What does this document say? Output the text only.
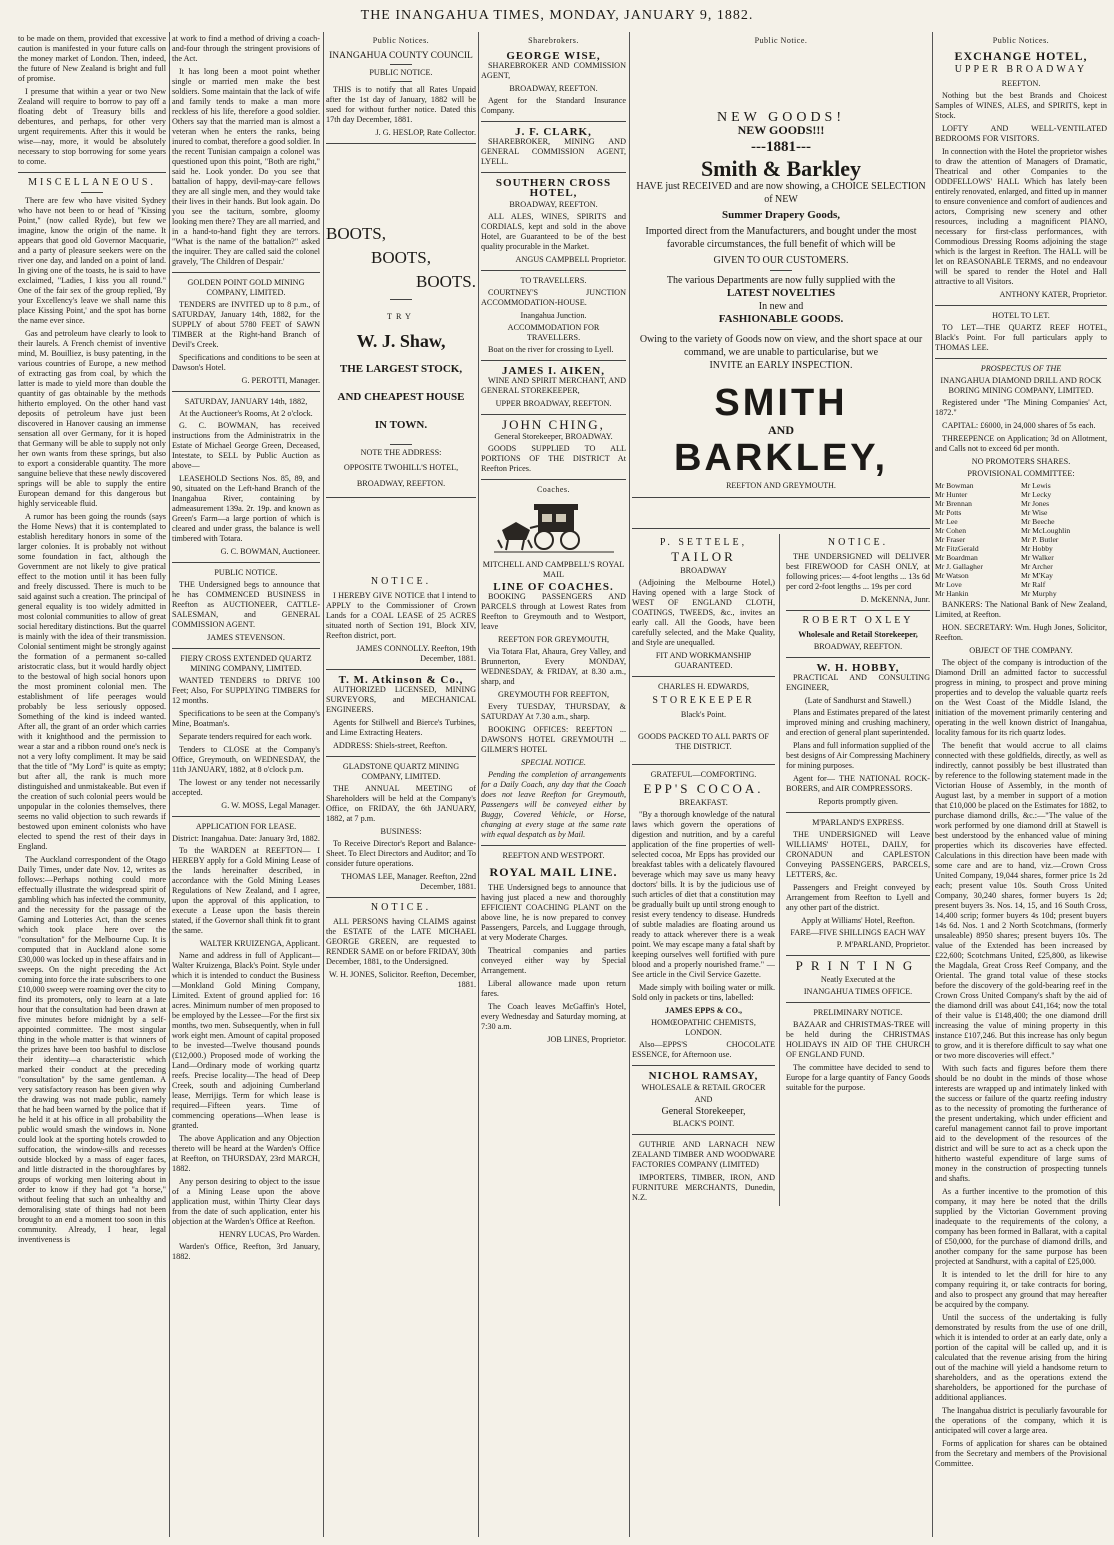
THE INANGAHUA TIMES, MONDAY, JANUARY 9, 1882.

to be made on them, provided that excessive caution is manifested in your future calls on the money market of London. Then, indeed, the future of New Zealand is bright and full of promise.

I presume that within a year or two New Zealand will require to borrow to pay off a floating debt of Treasury bills and debentures, and perhaps, for other very urgent requirements. After this it would be wise—nay, more, it would be absolutely necessary to stop borrowing for some years to come.

MISCELLANEOUS.

There are few who have visited Sydney who have not been to or head of "Kissing Point," (now called Ryde), but few we imagine, know the origin of the name. It appears that good old Governor Macquarie, and a party of pleasure seekers were on the river one day, and landed on a point of land. In giving one of the toasts, he is said to have exclaimed, "Ladies, I kiss you all round." One of the fair sex of the group replied, 'By your Excellency's leave we shall name this place Kissing Point,' and the spot has borne the name ever since.

Gas and petroleum have clearly to look to their laurels. A French chemist of inventive mind, M. Bouilliez, is busy patenting, in the various countries of Europe, a new method of extracting gas from coal, by which the latter is made to yield more than double the quantity of gas obtainable by the methods hitherto employed. On the other hand vast deposits of petroleum have just been discovered in Hanover causing an immense sensation all over Germany, for it is hoped that Germany will be able to supply not only her own wants from these springs, but also to export a considerable quantity. The more sanguine believe that these newly discovered springs will be able to supply the entire European demand for this dangerous but highly serviceable fluid.

A rumor has been going the rounds (says the Home News) that it is contemplated to establish hereditary honors in some of the larger colonies. It is probably not without some foundation in fact, although the Government are not likely to give pratical effect to the motion until it has been fully and freely discussed. There is much to be said against such a creation. The principal of general equality is too widely admitted in most colonial communities to allow of great social hereditary distinctions. But the quarrel is mainly with the idea of their transmission. Colonial sentiment might be strongly against the formation of a permanent so-called aristocratic class, but it would hardly object to the bestowal of high social honors upon the most prominent colonial men. The establishment of life peerages would probably be less seriously opposed. Something of the kind is indeed wanted. After all, the grant of an order which carries with it knighthood and the permission to wear a star and a ribbon round one's neck is not a very lofty compliment. It may be said that the title of "My Lord" is quite as empty; but after all, the rank is much more distinguished and unmistakeable. But even if the creation of such colonial peers would be unpopular in the colonies themselves, there seems no valid objection to such rewards if bestowed upon eminent colonists who have elected to spend the rest of their days in England.

The Auckland correspondent of the Otago Daily Times, under date Nov. 12, writes as follows:—Perhaps nothing could more effectually illustrate the widespread spirit of gambling which has infected the community, and the necessity for the passage of the Gaming and Lotteries Act, than the scenes which took place here over the "consultation" for the Melbourne Cup. It is computed that in Auckland alone some £30,000 was locked up in these affairs and in sweeps. On the night preceding the Act coming into force the irate subscribers to one £10,000 sweep were roaming over the city to find its promoters, only to learn at a late hour that the consultation had been drawn at five minutes before midnight by a self-appointed committee. The most singular thing in the whole matter is that winners of the prizes have been too bashful to disclose their identity—a characteristic which marked their conduct at the preceding "consultation" by the same gentleman. A very satisfactory reason has been given why the drawing was not made public, namely that he had been warned by the police that if he held it at his office in all probability the public would smash the windows in. None could look at the sporting hotels crowded to suffocation, the window-sills and recesses outside blocked by a mass of eager faces, and little distracted in the thoroughfares by groups of working men loitering about in order to know if they had got "a horse," without feeling that such an unhealthy and demoralising state of things had not been brought to an end a moment too soon in this community. Already, I hear, legal inventiveness is

at work to find a method of driving a coach-and-four through the stringent provisions of the Act.

It has long been a moot point whether single or married men make the best soldiers. Some maintain that the lack of wife and family tends to make a man more reckless of his life, therefore a good soldier. Others say that the married man is almost a veteran when he enters the ranks, being inured to combat, therefore a good soldier. In the recent Tunisian campaign a colonel was questioned upon this point, "Both are right," said he. Look yonder. Do you see that battalion of happy, devil-may-care fellows they are all single men, and they would take their lives in their hands. But look again. Do you see the taciturn, sombre, gloomy looking men there? They are all married, and in a hand-to-hand fight they are terrors. "What is the name of the battalion?" asked the inquirer. They are called said the colonel gravely, 'The Children of Despair.'

GOLDEN POINT GOLD MINING COMPANY, LIMITED.

TENDERS are INVITED up to 8 p.m., of SATURDAY, January 14th, 1882, for the SUPPLY of about 5780 FEET of SAWN TIMBER at the Right-hand Branch of Devil's Creek.

Specifications and conditions to be seen at Dawson's Hotel.

G. PEROTTI, Manager.
SATURDAY, JANUARY 14th, 1882,
At the Auctioneer's Rooms, At 2 o'clock.

G. C. BOWMAN, has received instructions from the Administratrix in the Estate of Michael George Green, Deceased, Intestate, to SELL by Public Auction as above—

LEASEHOLD Sections Nos. 85, 89, and 90, situated on the Left-hand Branch of the Inangahua River, containing by admeasurement 139a. 2r. 19p. and known as Green's Farm—a large portion of which is cleared and under grass, the balance is well timbered with Totara.

G. C. BOWMAN, Auctioneer.
PUBLIC NOTICE.

THE Undersigned begs to announce that he has COMMENCED BUSINESS in Reefton as AUCTIONEER, CATTLE-SALESMAN, and GENERAL COMMISSION AGENT.

JAMES STEVENSON.
FIERY CROSS EXTENDED QUARTZ MINING COMPANY, LIMITED.

WANTED TENDERS to DRIVE 100 Feet; Also, For SUPPLYING TIMBERS for 12 months.

Specifications to be seen at the Company's Mine, Boatman's.

Separate tenders required for each work.

Tenders to CLOSE at the Company's Office, Greymouth, on WEDNESDAY, the 11th JANUARY, 1882, at 8 o'clock p.m.

The lowest or any tender not necessarily accepted.

G. W. MOSS, Legal Manager.
APPLICATION FOR LEASE.
District: Inangahua. Date: January 3rd, 1882.

To the WARDEN at REEFTON— I HEREBY apply for a Gold Mining Lease of the lands hereinafter described, in accordance with the Gold Mining Leases Regulations of New Zealand, and I agree, upon the approval of this application, to execute a Lease upon the basis therein stated, if the Governor shall think fit to grant the same.

WALTER KRUIZENGA, Applicant.

Name and address in full of Applicant—Walter Kruizenga, Black's Point. Style under which it is intended to conduct the Business—Monkland Gold Mining Company, Limited. Extent of ground applied for: 16 acres. Minimum number of men proposed to be employed by the Lessee—For the first six months, two men. Subsequently, when in full work eight men. Amount of capital proposed to be invested—Twelve thousand pounds (£12,000.) Proposed mode of working the Land—Ordinary mode of working quartz reefs. Precise locality—The head of Deep Creek, south and adjoining Cumberland lease, Merrijigs. Term for which lease is required—Fifteen years. Time of commencing operations—When lease is granted.

The above Application and any Objection thereto will be heard at the Warden's Office at Reefton, on THURSDAY, 23rd MARCH, 1882.

Any person desiring to object to the issue of a Mining Lease upon the above application must, within Thirty Clear days from the date of such application, enter his objection at the Warden's Office at Reefton.

HENRY LUCAS, Pro Warden.

Warden's Office, Reefton, 3rd January, 1882.

Public Notices.
INANGAHUA COUNTY COUNCIL
PUBLIC NOTICE.

THIS is to notify that all Rates Unpaid after the 1st day of January, 1882 will be sued for without further notice. Dated this 17th day December, 1881.

J. G. HESLOP, Rate Collector.
BOOTS,
BOOTS,
BOOTS.
TRY
W. J. Shaw,
THE LARGEST STOCK,
AND CHEAPEST HOUSE
IN TOWN.
NOTE THE ADDRESS:
OPPOSITE TWOHILL'S HOTEL, BROADWAY, REEFTON.
NOTICE.

I HEREBY GIVE NOTICE that I intend to APPLY to the Commissioner of Crown Lands for a COAL LEASE of 25 ACRES situated north of Section 191, Block XIV, Reefton district, port.

JAMES CONNOLLY. Reefton, 19th December, 1881.
T. M. Atkinson & Co.,

AUTHORIZED LICENSED, MINING SURVEYORS, and MECHANICAL ENGINEERS.

Agents for Stillwell and Bierce's Turbines, and Lime Extracting Heaters.

ADDRESS: Shiels-street, Reefton.

GLADSTONE QUARTZ MINING COMPANY, LIMITED.

THE ANNUAL MEETING of Shareholders will be held at the Company's Office, on FRIDAY, the 6th JANUARY, 1882, at 7 p.m.

BUSINESS:

To Receive Director's Report and Balance-Sheet. To Elect Directors and Auditor; and To consider future operations.

THOMAS LEE, Manager. Reefton, 22nd December, 1881.
NOTICE.

ALL PERSONS having CLAIMS against the ESTATE of the LATE MICHAEL GEORGE GREEN, are requested to RENDER SAME on or before FRIDAY, 30th December, 1881, to the Undersigned.

W. H. JONES, Solicitor. Reefton, December, 1881.
Sharebrokers.
GEORGE WISE,

SHAREBROKER AND COMMISSION AGENT,

BROADWAY, REEFTON.

Agent for the Standard Insurance Company.

J. F. CLARK,

SHAREBROKER, MINING AND GENERAL COMMISSION AGENT, LYELL.

SOUTHERN CROSS HOTEL,
BROADWAY, REEFTON.

ALL ALES, WINES, SPIRITS and CORDIALS, kept and sold in the above Hotel, are Guaranteed to be of the best quality procurable in the Market.

ANGUS CAMPBELL Proprietor.
TO TRAVELLERS.

COURTNEY'S JUNCTION ACCOMMODATION-HOUSE.

Inangahua Junction.
ACCOMMODATION FOR TRAVELLERS.

Boat on the river for crossing to Lyell.

JAMES I. AIKEN,

WINE AND SPIRIT MERCHANT, AND GENERAL STOREKEEPER,

UPPER BROADWAY, REEFTON.
JOHN CHING,
General Storekeeper, BROADWAY.

GOODS SUPPLIED TO ALL PORTIONS OF THE DISTRICT At Reefton Prices.

Coaches.
MITCHELL AND CAMPBELL'S ROYAL MAIL
LINE OF COACHES.

BOOKING PASSENGERS AND PARCELS through at Lowest Rates from Reefton to Greymouth and to Westport, leave

REEFTON FOR GREYMOUTH,

Via Totara Flat, Ahaura, Grey Valley, and Brunnerton, Every MONDAY, WEDNESDAY, & FRIDAY, at 8.30 a.m., sharp, and

GREYMOUTH FOR REEFTON,

Every TUESDAY, THURSDAY, & SATURDAY At 7.30 a.m., sharp.

BOOKING OFFICES: REEFTON ... DAWSON'S HOTEL GREYMOUTH ... GILMER'S HOTEL

SPECIAL NOTICE.

Pending the completion of arrangements for a Daily Coach, any day that the Coach does not leave Reefton for Greymouth, Passengers will be conveyed either by Buggy, Covered Vehicle, or Horse, changing at every stage at the same rate with equal despatch as by Mail.

REEFTON AND WESTPORT.
ROYAL MAIL LINE.

THE Undersigned begs to announce that having just placed a new and thoroughly EFFICIENT COACHING PLANT on the above line, he is now prepared to convey Passengers, Parcels, and Luggage through, at very Moderate Charges.

Theatrical companies and parties conveyed either way by Special Arrangement.

Liberal allowance made upon return fares.

The Coach leaves McGaffin's Hotel, every Wednesday and Saturday morning, at 7:30 a.m.

JOB LINES, Proprietor.
Public Notice.
NEW GOODS!
NEW GOODS!!!
---1881---
Smith & Barkley
HAVE just RECEIVED and are now showing, a CHOICE SELECTION of NEW
Summer Drapery Goods,
Imported direct from the Manufacturers, and bought under the most favorable circumstances, the full benefit of which will be
GIVEN TO OUR CUSTOMERS.
The various Departments are now fully supplied with the
LATEST NOVELTIES
In new and
FASHIONABLE GOODS.
Owing to the variety of Goods now on view, and the short space at our command, we are unable to particularise, but we
INVITE an EARLY INSPECTION.
SMITH
AND
BARKLEY,
REEFTON AND GREYMOUTH.
P. SETTELE,
TAILOR
BROADWAY

(Adjoining the Melbourne Hotel,) Having opened with a large Stock of WEST OF ENGLAND CLOTH, COATINGS, TWEEDS, &c., invites an early call. All the Goods, have been carefully selected, and the Make Quality, and Style are unequalled.

FIT AND WORKMANSHIP GUARANTEED.
CHARLES H. EDWARDS,
STOREKEEPER
Black's Point.
GOODS PACKED TO ALL PARTS OF THE DISTRICT.
GRATEFUL—COMFORTING.
EPP'S COCOA.
BREAKFAST.

"By a thorough knowledge of the natural laws which govern the operations of digestion and nutrition, and by a careful application of the fine properties of well-selected cocoa, Mr Epps has provided our breakfast tables with a delicately flavoured beverage which may save us many heavy doctors' bills. It is by the judicious use of such articles of diet that a constitution may be gradually built up until strong enough to resist every tendency to disease. Hundreds of subtle maladies are floating around us ready to attack wherever there is a weak point. We may escape many a fatal shaft by keeping ourselves well fortified with pure blood and a properly nourished frame." — See article in the Civil Service Gazette.

Made simply with boiling water or milk. Sold only in packets or tins, labelled:

JAMES EPPS & CO.,
HOMŒOPATHIC CHEMISTS, LONDON.

Also—EPPS'S CHOCOLATE ESSENCE, for Afternoon use.

NICHOL RAMSAY,
WHOLESALE & RETAIL GROCER
AND
General Storekeeper,
BLACK'S POINT.

GUTHRIE AND LARNACH NEW ZEALAND TIMBER AND WOODWARE FACTORIES COMPANY (LIMITED)

IMPORTERS, TIMBER, IRON, AND FURNITURE MERCHANTS, Dunedin, N.Z.

NOTICE.

THE UNDERSIGNED will DELIVER best FIREWOOD for CASH ONLY, at following prices:— 4-foot lengths ... 13s 6d per cord 2-foot lengths ... 19s per cord

D. McKENNA, Junr.
ROBERT OXLEY
Wholesale and Retail Storekeeper,
BROADWAY, REEFTON.
W. H. HOBBY,

PRACTICAL AND CONSULTING ENGINEER,

(Late of Sandhurst and Stawell.)

Plans and Estimates prepared of the latest improved mining and crushing machinery, and erection of general plant superintended.

Plans and full information supplied of the best designs of Air Compressing Machinery for mining purposes.

Agent for— THE NATIONAL ROCK-BORERS, and AIR COMPRESSORS.

Reports promptly given.
M'PARLAND'S EXPRESS.

THE UNDERSIGNED will Leave WILLIAMS' HOTEL, DAILY, for CRONADUN and CAPLESTON Conveying PASSENGERS, PARCELS, LETTERS, &c.

Passengers and Freight conveyed by Arrangement from Reefton to Lyell and any other part of the district.

Apply at Williams' Hotel, Reefton.
FARE—FIVE SHILLINGS EACH WAY
P. M'PARLAND, Proprietor.
PRINTING
Neatly Executed at the
INANGAHUA TIMES OFFICE.
PRELIMINARY NOTICE.

BAZAAR and CHRISTMAS-TREE will be held during the CHRISTMAS HOLIDAYS IN AID OF THE CHURCH OF ENGLAND FUND.

The committee have decided to send to Europe for a large quantity of Fancy Goods suitable for the purpose.

Public Notices.
EXCHANGE HOTEL,
UPPER BROADWAY
REEFTON.

Nothing but the best Brands and Choicest Samples of WINES, ALES, and SPIRITS, kept in Stock.

LOFTY AND WELL-VENTILATED BEDROOMS FOR VISITORS.

In connection with the Hotel the proprietor wishes to draw the attention of Managers of Dramatic, Theatrical and other Companies to the ODDFELLOWS' HALL Which has lately been entirely renovated, enlarged, and fitted up in manner to ensure convenience and comfort of audiences and actors, Comprising new scenery and other resources, including a magnificent PIANO, necessary for first-class performances, with Commodious Dressing Rooms adjoining the stage which is the largest in Reefton. The HALL will be let on REASONABLE TERMS, and no endeavour will be spared to render the Hotel and Hall attractive to all Visitors.

ANTHONY KATER, Proprietor.
HOTEL TO LET.

TO LET—THE QUARTZ REEF HOTEL, Black's Point. For full particulars apply to THOMAS LEE.

PROSPECTUS OF THE
INANGAHUA DIAMOND DRILL AND ROCK BORING MINING COMPANY, LIMITED.

Registered under "The Mining Companies' Act, 1872."

CAPITAL: £6000, in 24,000 shares of 5s each.

THREEPENCE on Application; 3d on Allotment, and Calls not to exceed 6d per month.

NO PROMOTERS SHARES.
PROVISIONAL COMMITTEE:
Mr Bowman	Mr Lewis
Mr Hunter	Mr Lecky
Mr Brennan	Mr Jones
Mr Potts	Mr Wise
Mr Lee	Mr Beeche
Mr Cohen	Mr McLoughlin
Mr Fraser	Mr P. Butler
Mr FitzGerald	Mr Hobby
Mr Boardman	Mr Walker
Mr J. Gallagher	Mr Archer
Mr Watson	Mr M'Kay
Mr Love	Mr Ralf
Mr Hankin	Mr Murphy

BANKERS: The National Bank of New Zealand, Limited, at Reefton.

HON. SECRETARY: Wm. Hugh Jones, Solicitor, Reefton.

OBJECT OF THE COMPANY.

The object of the company is introduction of the Diamond Drill an admitted factor to successful progress in mining, to prospect and prove mining properties and to develop the valuable quartz reefs on the West Coast of the Middle Island, the initiation of the movement primarily centering and operating in the well known district of Inangahua, locality famous for its rich quartz lodes.

The benefit that would accrue to all claims connected with these goldfields, directly, as well as indirectly, cannot possibly be best illustrated than by reference to the following statement made in the Victorian House of Assembly, in the month of August last, by a member in support of a motion that £10,000 be placed on the Estimates for 1882, to purchase diamond drills, &c.:—"The value of the work performed by one diamond drill at Stawell is best understood by the enhanced value of mining properties which its discoveries have effected. Calculations in this direction have been made with some care and are to hand, viz.—Crown Cross United Company, 19,044 shares, former price 1s 2d each; present value 10s. South Cross United Company, 30,240 shares, former buyers 1s 2d; present buyers 3s. Nos. 14, 15, and 16 South Cross, 14,400 scrip; former buyers 4s 10d; present buyers 14s 6d. Nos. 1 and 2 North Scotchmans, (formerly unsaleable) 8950 shares; present buyers 10s. The value of the Extended has been increased by £22,600; Scotchmans United, £25,800, as likewise the Magdala, Great Cross Reef Company, and the Oriental. The grand total value of these stocks before the discovery of the gold-bearing reef in the Crown Cross United Company's shaft by the aid of the diamond drill was about £41,164; now the total of their value is £148,400; the one diamond drill increasing the value of mining property in this instance £107,246. But this increase has only begun to grow, and it is therefore difficult to say what one or two more discoveries will effect."

With such facts and figures before them there should be no doubt in the minds of those whose interests are wrapped up and intimately linked with the success or failure of the quartz reefing industry as to the necessity of promoting the furtherance of the present undertaking, which under efficient and careful management cannot fail to prove important aid to the development of the resources of the district and will be sure to act as a check upon the hitherto wasteful expenditure of large sums of money in the construction of prospecting tunnels and shafts.

As a further incentive to the promotion of this company, it may here be noted that the drills supplied by the Victorian Government proving inadequate to the requirements of the colony, a company has been formed in Ballarat, with a capital of £50,000, for the purchase of diamond drills, and another company for the same purpose has been projected at Sandhurst, with a capital of £25,000.

It is intended to let the drill for hire to any company requiring it, or take contracts for boring, and also to prospect any ground that may hereafter be acquired by the company.

Until the success of the undertaking is fully demonstrated by results from the use of one drill, which it is intended to order at an early date, only a portion of the capital will be called up, and it is calculated that the revenue arising from the hiring out of the machine will yield a handsome return to shareholders, and as the operations extend the shareholders, be apportioned for the purchase of additional appliances.

The Inangahua district is peculiarly favourable for the operations of the company, which it is anticipated will cover a large area.

Forms of application for shares can be obtained from the Secretary and members of the Provisional Committee.
